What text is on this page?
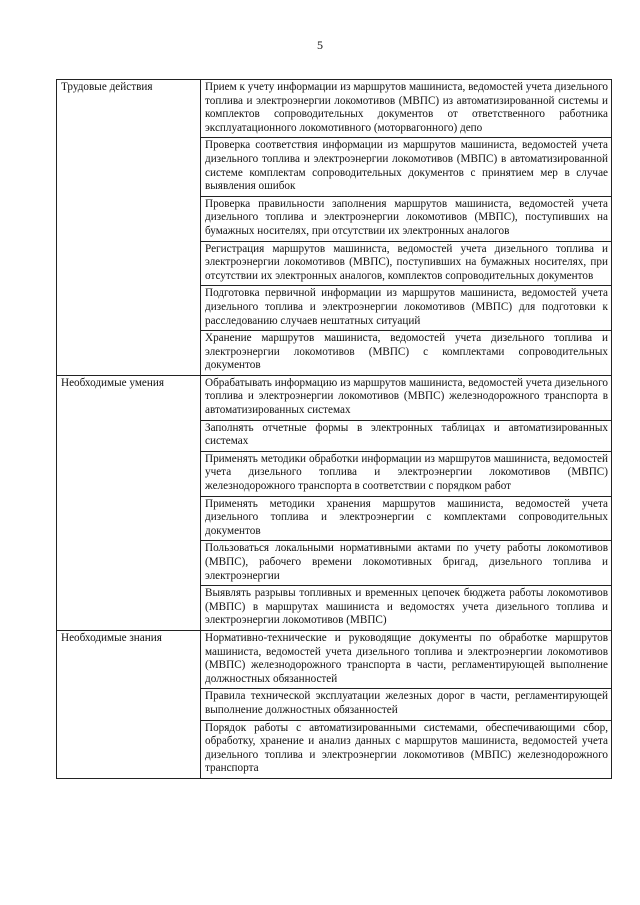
5
Трудовые действия	Прием к учету информации из маршрутов машиниста, ведомостей учета дизельного топлива и электроэнергии локомотивов (МВПС) из автоматизированной системы и комплектов сопроводительных документов от ответственного работника эксплуатационного локомотивного (моторвагонного) депо
	Проверка соответствия информации из маршрутов машиниста, ведомостей учета дизельного топлива и электроэнергии локомотивов (МВПС) в автоматизированной системе комплектам сопроводительных документов с принятием мер в случае выявления ошибок
	Проверка правильности заполнения маршрутов машиниста, ведомостей учета дизельного топлива и электроэнергии локомотивов (МВПС), поступивших на бумажных носителях, при отсутствии их электронных аналогов
	Регистрация маршрутов машиниста, ведомостей учета дизельного топлива и электроэнергии локомотивов (МВПС), поступивших на бумажных носителях, при отсутствии их электронных аналогов, комплектов сопроводительных документов
	Подготовка первичной информации из маршрутов машиниста, ведомостей учета дизельного топлива и электроэнергии локомотивов (МВПС) для подготовки к расследованию случаев нештатных ситуаций
	Хранение маршрутов машиниста, ведомостей учета дизельного топлива и электроэнергии локомотивов (МВПС) с комплектами сопроводительных документов
Необходимые умения	Обрабатывать информацию из маршрутов машиниста, ведомостей учета дизельного топлива и электроэнергии локомотивов (МВПС) железнодорожного транспорта в автоматизированных системах
	Заполнять отчетные формы в электронных таблицах и автоматизированных системах
	Применять методики обработки информации из маршрутов машиниста, ведомостей учета дизельного топлива и электроэнергии локомотивов (МВПС) железнодорожного транспорта в соответствии с порядком работ
	Применять методики хранения маршрутов машиниста, ведомостей учета дизельного топлива и электроэнергии с комплектами сопроводительных документов
	Пользоваться локальными нормативными актами по учету работы локомотивов (МВПС), рабочего времени локомотивных бригад, дизельного топлива и электроэнергии
	Выявлять разрывы топливных и временных цепочек бюджета работы локомотивов (МВПС) в маршрутах машиниста и ведомостях учета дизельного топлива и электроэнергии локомотивов (МВПС)
Необходимые знания	Нормативно-технические и руководящие документы по обработке маршрутов машиниста, ведомостей учета дизельного топлива и электроэнергии локомотивов (МВПС) железнодорожного транспорта в части, регламентирующей выполнение должностных обязанностей
	Правила технической эксплуатации железных дорог в части, регламентирующей выполнение должностных обязанностей
	Порядок работы с автоматизированными системами, обеспечивающими сбор, обработку, хранение и анализ данных с маршрутов машиниста, ведомостей учета дизельного топлива и электроэнергии локомотивов (МВПС) железнодорожного транспорта
